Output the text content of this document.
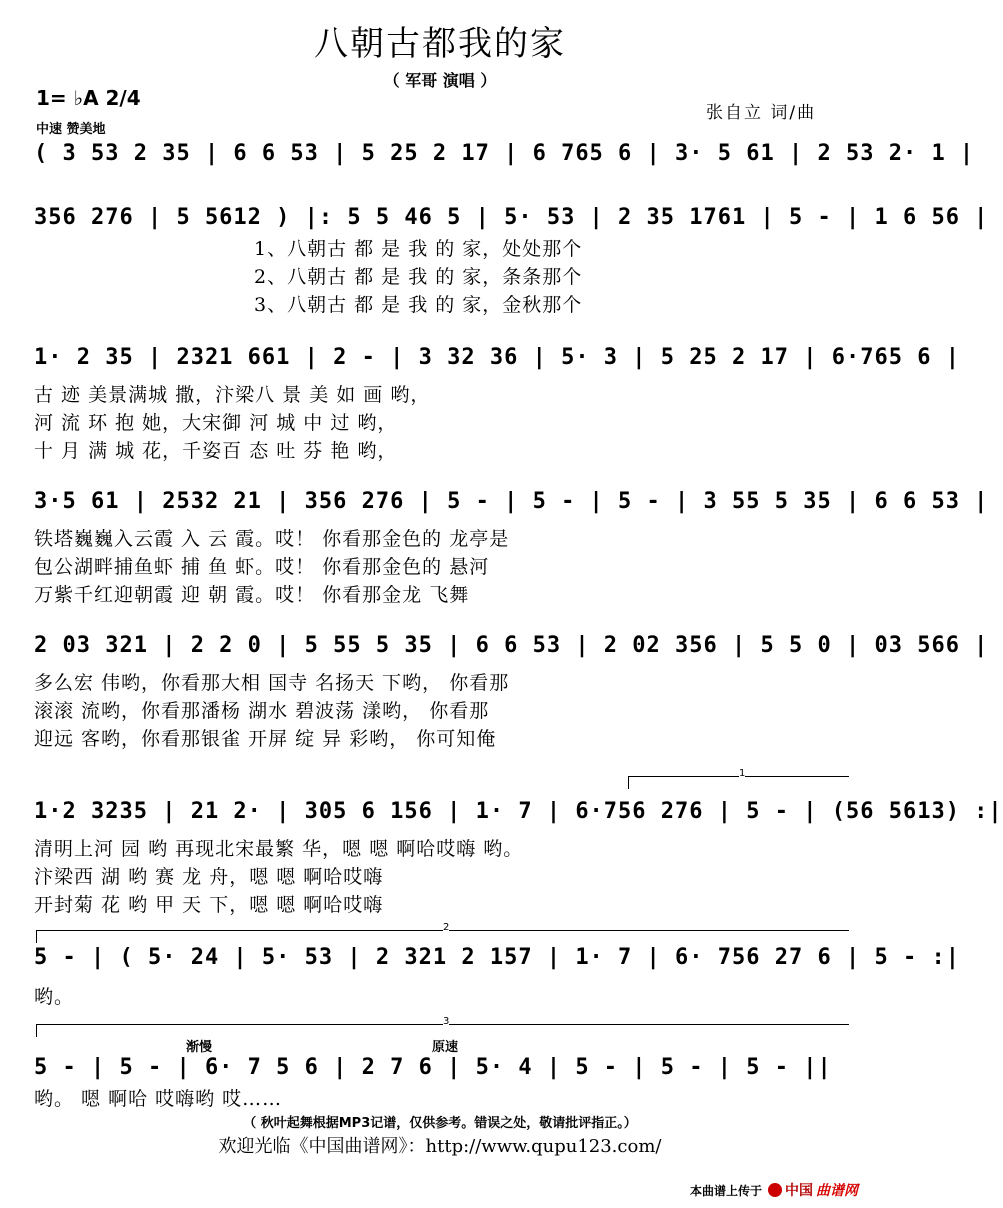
八朝古都我的家
（ 军哥 演唱 ）
1= ♭A 2/4
中速 赞美地
张自立 词/曲
( 3 53 2 35 | 6 6 53 | 5 25 2 17 | 6 765 6 | 3· 5 61 | 2 53 2· 1 |
356 276 | 5 5612 ) |: 5 5 46 5 | 5· 53 | 2 35 1761 | 5 - | 1 6 56 |
1、八朝古 都 是 我 的 家，处处那个
2、八朝古 都 是 我 的 家，条条那个
3、八朝古 都 是 我 的 家，金秋那个
1· 2 35 | 2321 661 | 2 - | 3 32 36 | 5· 3 | 5 25 2 17 | 6·765 6 |
古 迹 美景满城 撒，汴梁八 景 美 如 画 哟，
河 流 环 抱 她，大宋御 河 城 中 过 哟，
十 月 满 城 花，千姿百 态 吐 芬 艳 哟，
3·5 61 | 2532 21 | 356 276 | 5 - | 5 - | 5 - | 3 55 5 35 | 6 6 53 |
铁塔巍巍入云霞 入 云 霞。哎！ 你看那金色的 龙亭是
包公湖畔捕鱼虾 捕 鱼 虾。哎！ 你看那金色的 悬河
万紫千红迎朝霞 迎 朝 霞。哎！ 你看那金龙 飞舞
2 03 321 | 2 2 0 | 5 55 5 35 | 6 6 53 | 2 02 356 | 5 5 0 | 03 566 |
多么宏 伟哟，你看那大相 国寺 名扬天 下哟， 你看那
滚滚 流哟，你看那潘杨 湖水 碧波荡 漾哟， 你看那
迎远 客哟，你看那银雀 开屏 绽 异 彩哟， 你可知俺
1
1·2 3235 | 21 2· | 305 6 156 | 1· 7 | 6·756 276 | 5 - | (56 5613) :|
清明上河 园 哟 再现北宋最繁 华，嗯 嗯 啊哈哎嗨 哟。
汴梁西 湖 哟 赛 龙 舟，嗯 嗯 啊哈哎嗨
开封菊 花 哟 甲 天 下，嗯 嗯 啊哈哎嗨
2
5 - | ( 5· 24 | 5· 53 | 2 321 2 157 | 1· 7 | 6· 756 27 6 | 5 - :|
哟。
3
渐慢	原速
5 - | 5 - | 6· 7 5 6 | 2 7 6 | 5· 4 | 5 - | 5 - | 5 - ||
哟。 嗯 啊哈 哎嗨哟 哎……
（ 秋叶起舞根据MP3记谱，仅供参考。错误之处，敬请批评指正。）
欢迎光临《中国曲谱网》：http://www.qupu123.com/
本曲谱上传于 中国 曲谱网
